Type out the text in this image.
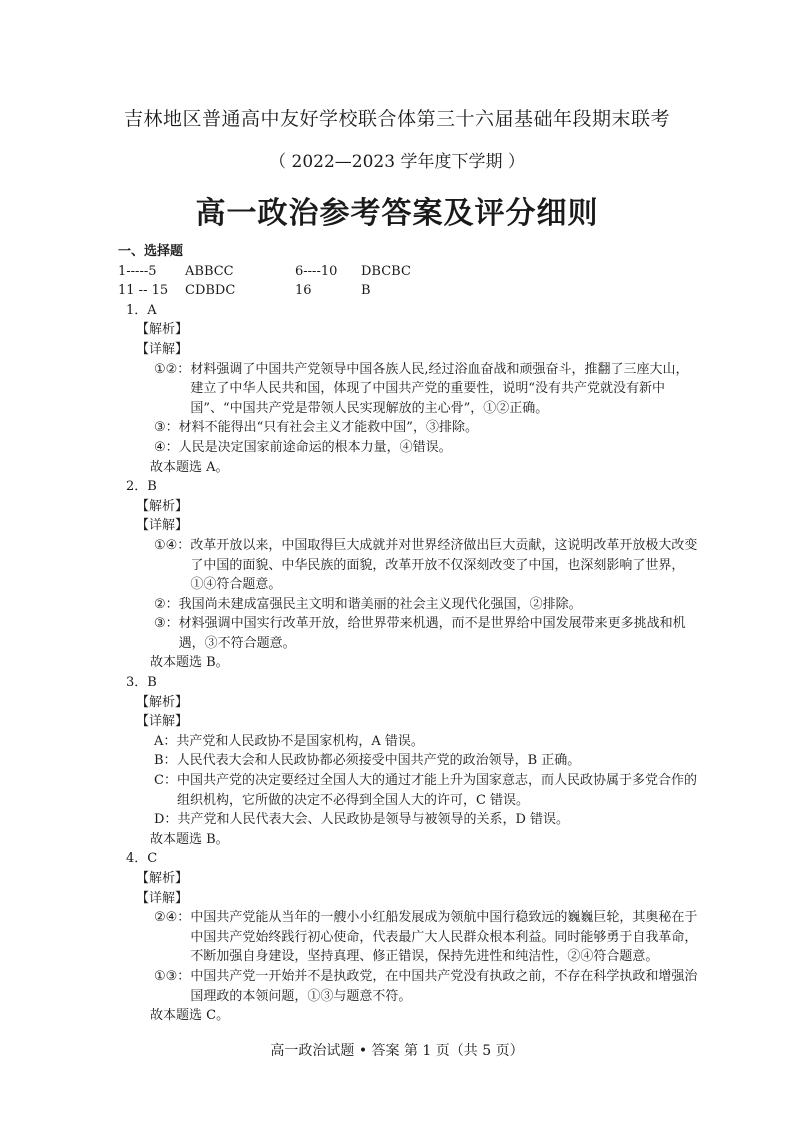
吉林地区普通高中友好学校联合体第三十六届基础年段期末联考
（ 2022—2023 学年度下学期 ）
高一政治参考答案及评分细则
一、选择题
1-----5	ABBCC	6----10	DBCBC
11 -- 15	CDBDC	16	B
1．A
【解析】
【详解】
①②： 材料强调了中国共产党领导中国各族人民,经过浴血奋战和顽强奋斗，推翻了三座大山，建立了中华人民共和国，体现了中国共产党的重要性，说明“没有共产党就没有新中国”、“中国共产党是带领人民实现解放的主心骨”，①②正确。
③： 材料不能得出“只有社会主义才能救中国”，③排除。
④： 人民是决定国家前途命运的根本力量，④错误。
故本题选 A。
2．B
【解析】
【详解】
①④： 改革开放以来，中国取得巨大成就并对世界经济做出巨大贡献，这说明改革开放极大改变了中国的面貌、中华民族的面貌，改革开放不仅深刻改变了中国，也深刻影响了世界，①④符合题意。
②： 我国尚未建成富强民主文明和谐美丽的社会主义现代化强国，②排除。
③： 材料强调中国实行改革开放，给世界带来机遇，而不是世界给中国发展带来更多挑战和机遇，③不符合题意。
故本题选 B。
3．B
【解析】
【详解】
A： 共产党和人民政协不是国家机构，A 错误。
B： 人民代表大会和人民政协都必须接受中国共产党的政治领导，B 正确。
C： 中国共产党的决定要经过全国人大的通过才能上升为国家意志，而人民政协属于多党合作的组织机构，它所做的决定不必得到全国人大的许可，C 错误。
D： 共产党和人民代表大会、人民政协是领导与被领导的关系，D 错误。
故本题选 B。
4．C
【解析】
【详解】
②④： 中国共产党能从当年的一艘小小红船发展成为领航中国行稳致远的巍巍巨轮，其奥秘在于中国共产党始终践行初心使命，代表最广大人民群众根本利益。同时能够勇于自我革命，不断加强自身建设，坚持真理、修正错误，保持先进性和纯洁性，②④符合题意。
①③： 中国共产党一开始并不是执政党，在中国共产党没有执政之前，不存在科学执政和增强治国理政的本领问题，①③与题意不符。
故本题选 C。
高一政治试题 • 答案 第 1 页（共 5 页）
